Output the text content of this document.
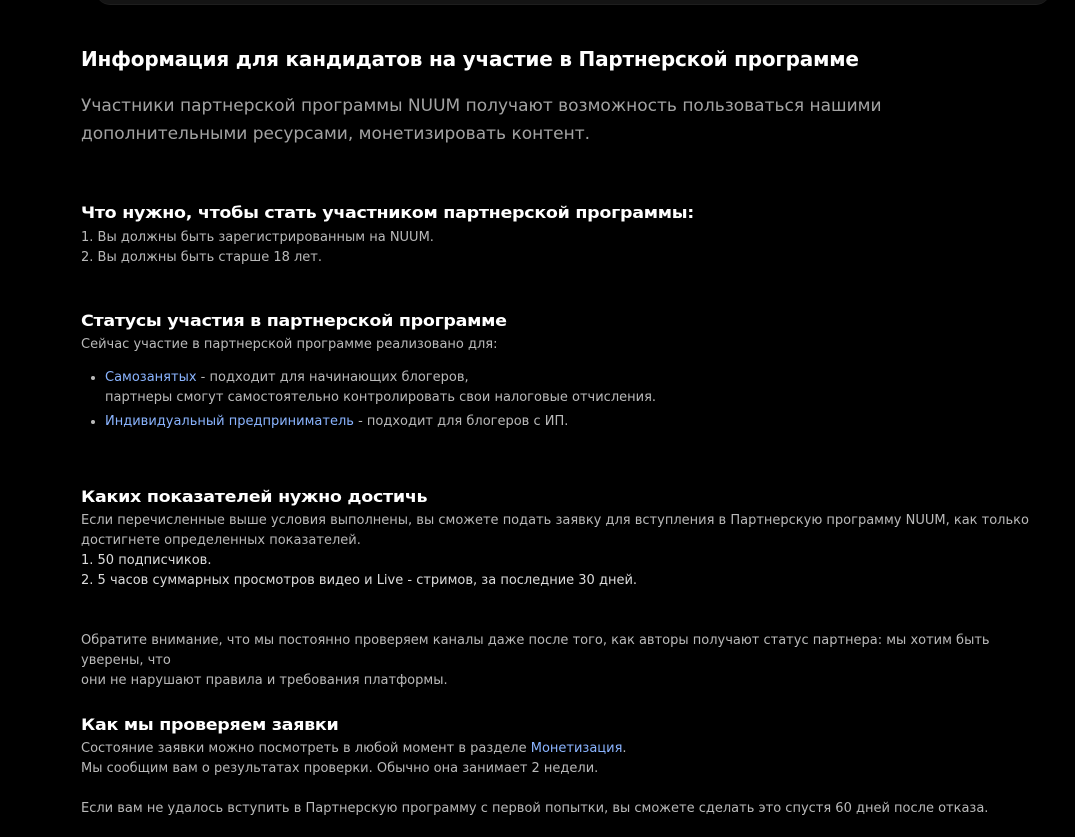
Информация для кандидатов на участие в Партнерской программе
Участники партнерской программы NUUM получают возможность пользоваться нашими
дополнительными ресурсами, монетизировать контент.
Что нужно, чтобы стать участником партнерской программы:

1. Вы должны быть зарегистрированным на NUUM.

2. Вы должны быть старше 18 лет.

Статусы участия в партнерской программе

Сейчас участие в партнерской программе реализовано для:

Самозанятых - подходит для начинающих блогеров,
партнеры смогут самостоятельно контролировать свои налоговые отчисления.
Индивидуальный предприниматель - подходит для блогеров с ИП.
Каких показателей нужно достичь

Если перечисленные выше условия выполнены, вы сможете подать заявку для вступления в Партнерскую программу NUUM, как только

достигнете определенных показателей.

1. 50 подписчиков.

2. 5 часов суммарных просмотров видео и Live - стримов, за последние 30 дней.

Обратите внимание, что мы постоянно проверяем каналы даже после того, как авторы получают статус партнера: мы хотим быть уверены, что

они не нарушают правила и требования платформы.

Как мы проверяем заявки

Состояние заявки можно посмотреть в любой момент в разделе Монетизация.

Мы сообщим вам о результатах проверки. Обычно она занимает 2 недели.

Если вам не удалось вступить в Партнерскую программу с первой попытки, вы сможете сделать это спустя 60 дней после отказа.
